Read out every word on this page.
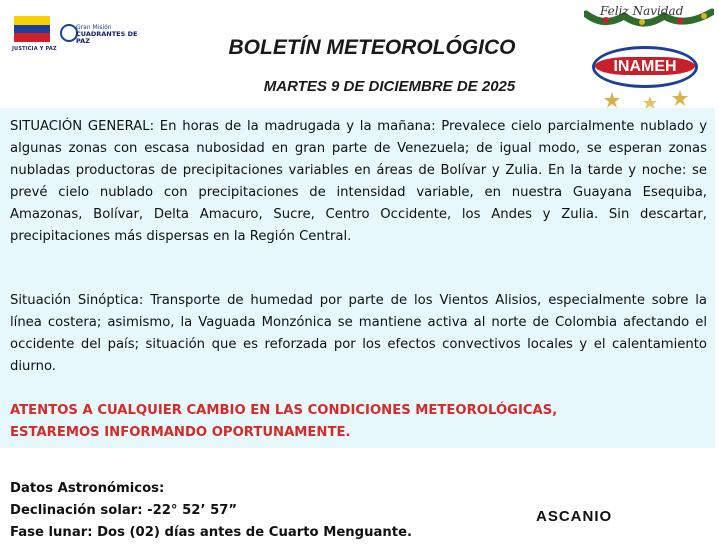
JUSTICIA Y PAZ
Gran Misión
CUADRANTES DE PAZ	BOLETÍN METEOROLÓGICO
MARTES 9 DE DICIEMBRE DE 2025
Feliz Navidad
INAMEH

SITUACIÓN GENERAL: En horas de la madrugada y la mañana: Prevalece cielo parcialmente nublado y algunas zonas con escasa nubosidad en gran parte de Venezuela; de igual modo, se esperan zonas nubladas productoras de precipitaciones variables en áreas de Bolívar y Zulia. En la tarde y noche: se prevé cielo nublado con precipitaciones de intensidad variable, en nuestra Guayana Esequiba, Amazonas, Bolívar, Delta Amacuro, Sucre, Centro Occidente, los Andes y Zulia. Sin descartar, precipitaciones más dispersas en la Región Central.

Situación Sinóptica: Transporte de humedad por parte de los Vientos Alisios, especialmente sobre la línea costera; asimismo, la Vaguada Monzónica se mantiene activa al norte de Colombia afectando el occidente del país; situación que es reforzada por los efectos convectivos locales y el calentamiento diurno.

ATENTOS A CUALQUIER CAMBIO EN LAS CONDICIONES METEOROLÓGICAS,

ESTAREMOS INFORMANDO OPORTUNAMENTE.

Datos Astronómicos:
Declinación solar: -22° 52’ 57”
Fase lunar: Dos (02) días antes de Cuarto Menguante.
ASCANIO
